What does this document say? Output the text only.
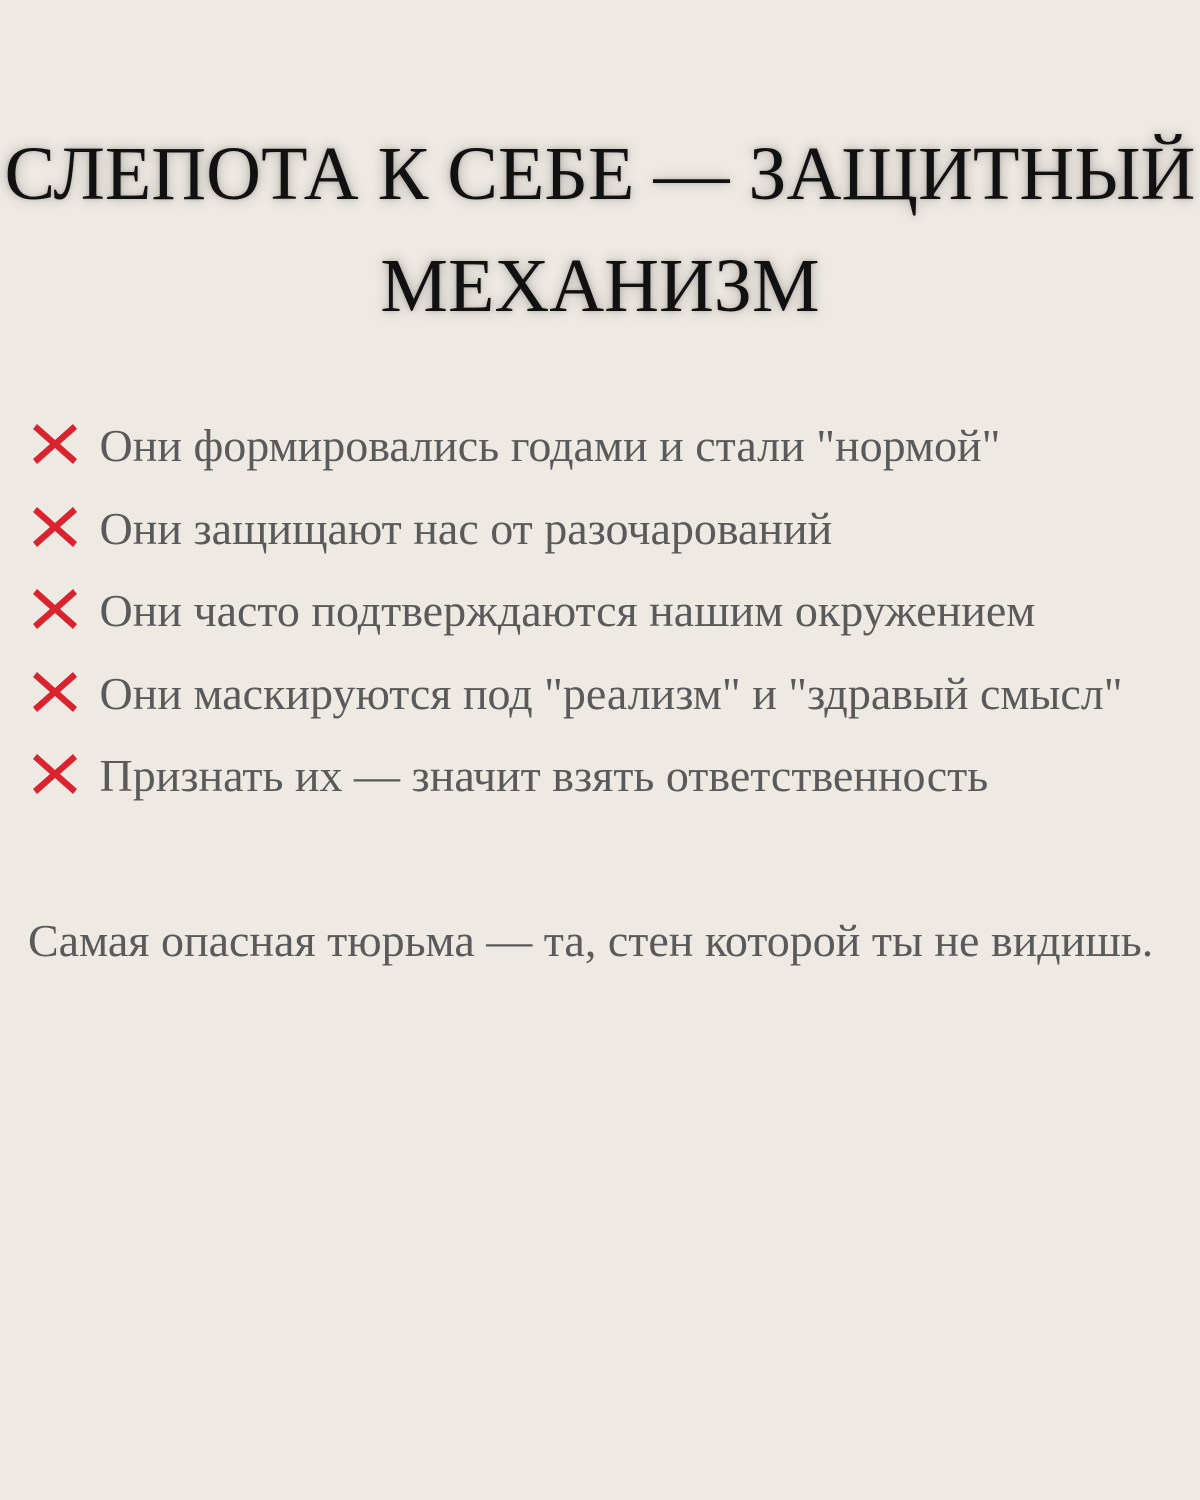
СЛЕПОТА К СЕБЕ — ЗАЩИТНЫЙ
МЕХАНИЗМ

Они формировались годами и стали "нормой"

Они защищают нас от разочарований

Они часто подтверждаются нашим окружением

Они маскируются под "реализм" и "здравый смысл"

Признать их — значит взять ответственность

Самая опасная тюрьма — та, стен которой ты не видишь.
